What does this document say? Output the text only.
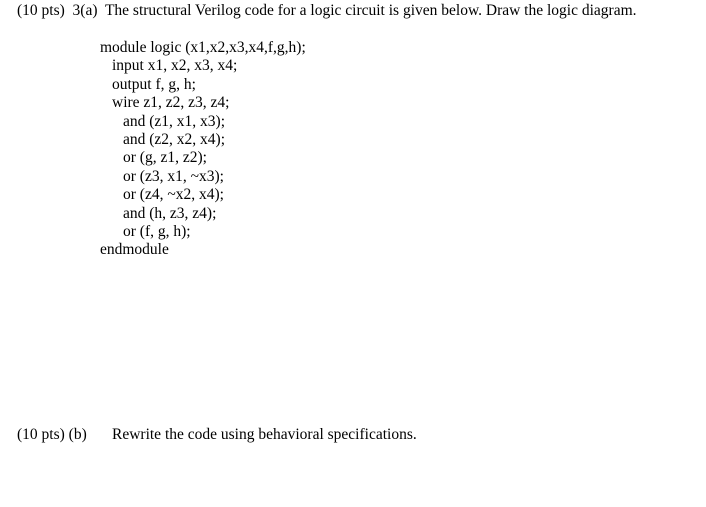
(10 pts)  3(a)  The structural Verilog code for a logic circuit is given below. Draw the logic diagram.
module logic (x1,x2,x3,x4,f,g,h);
input x1, x2, x3, x4;
output f, g, h;
wire z1, z2, z3, z4;
and (z1, x1, x3);
and (z2, x2, x4);
or (g, z1, z2);
or (z3, x1, ~x3);
or (z4, ~x2, x4);
and (h, z3, z4);
or (f, g, h);
endmodule
(10 pts) (b) Rewrite the code using behavioral specifications.
